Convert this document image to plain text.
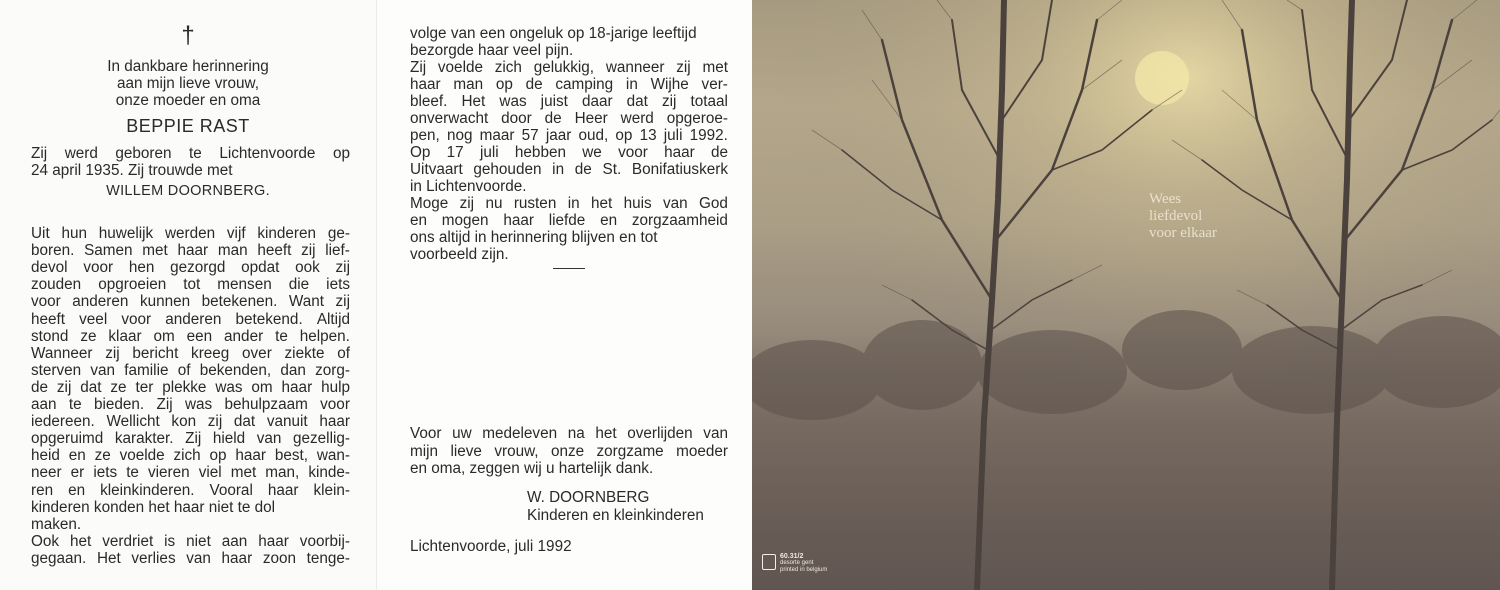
†
In dankbare herinnering
aan mijn lieve vrouw,
onze moeder en oma
BEPPIE RAST
Zij werd geboren te Lichtenvoorde op
24 april 1935. Zij trouwde met
WILLEM DOORNBERG.
Uit hun huwelijk werden vijf kinderen ge-
boren. Samen met haar man heeft zij lief-
devol voor hen gezorgd opdat ook zij
zouden opgroeien tot mensen die iets
voor anderen kunnen betekenen. Want zij
heeft veel voor anderen betekend. Altijd
stond ze klaar om een ander te helpen.
Wanneer zij bericht kreeg over ziekte of
sterven van familie of bekenden, dan zorg-
de zij dat ze ter plekke was om haar hulp
aan te bieden. Zij was behulpzaam voor
iedereen. Wellicht kon zij dat vanuit haar
opgeruimd karakter. Zij hield van gezellig-
heid en ze voelde zich op haar best, wan-
neer er iets te vieren viel met man, kinde-
ren en kleinkinderen. Vooral haar klein-
kinderen konden het haar niet te dol
maken.
Ook het verdriet is niet aan haar voorbij-
gegaan. Het verlies van haar zoon tenge-
volge van een ongeluk op 18-jarige leeftijd
bezorgde haar veel pijn.
Zij voelde zich gelukkig, wanneer zij met
haar man op de camping in Wijhe ver-
bleef. Het was juist daar dat zij totaal
onverwacht door de Heer werd opgeroe-
pen, nog maar 57 jaar oud, op 13 juli 1992.
Op 17 juli hebben we voor haar de
Uitvaart gehouden in de St. Bonifatiuskerk
in Lichtenvoorde.
Moge zij nu rusten in het huis van God
en mogen haar liefde en zorgzaamheid
ons altijd in herinnering blijven en tot
voorbeeld zijn.
Voor uw medeleven na het overlijden van
mijn lieve vrouw, onze zorgzame moeder
en oma, zeggen wij u hartelijk dank.
W. DOORNBERG
Kinderen en kleinkinderen
Lichtenvoorde, juli 1992
Wees
liefdevol
voor elkaar
60.31/2
desorte gent
printed in belgium
